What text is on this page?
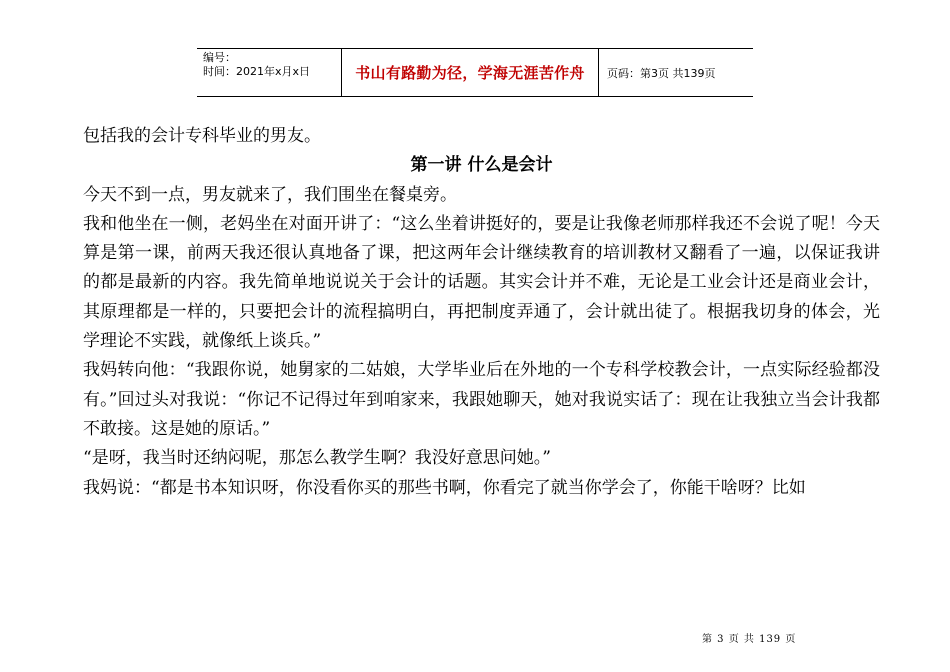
编号：
时间：2021年x月x日	书山有路勤为径，学海无涯苦作舟	页码：第3页 共139页

包括我的会计专科毕业的男友。

第一讲 什么是会计

今天不到一点，男友就来了，我们围坐在餐桌旁。

我和他坐在一侧，老妈坐在对面开讲了：“这么坐着讲挺好的，要是让我像老师那样我还不会说了呢！今天算是第一课，前两天我还很认真地备了课，把这两年会计继续教育的培训教材又翻看了一遍，以保证我讲的都是最新的内容。我先简单地说说关于会计的话题。其实会计并不难，无论是工业会计还是商业会计，其原理都是一样的，只要把会计的流程搞明白，再把制度弄通了，会计就出徒了。根据我切身的体会，光学理论不实践，就像纸上谈兵。”

我妈转向他：“我跟你说，她舅家的二姑娘，大学毕业后在外地的一个专科学校教会计，一点实际经验都没有。”回过头对我说：“你记不记得过年到咱家来，我跟她聊天，她对我说实话了：现在让我独立当会计我都不敢接。这是她的原话。”

“是呀，我当时还纳闷呢，那怎么教学生啊？我没好意思问她。”

我妈说：“都是书本知识呀，你没看你买的那些书啊，你看完了就当你学会了，你能干啥呀？比如

第 3 页 共 139 页
